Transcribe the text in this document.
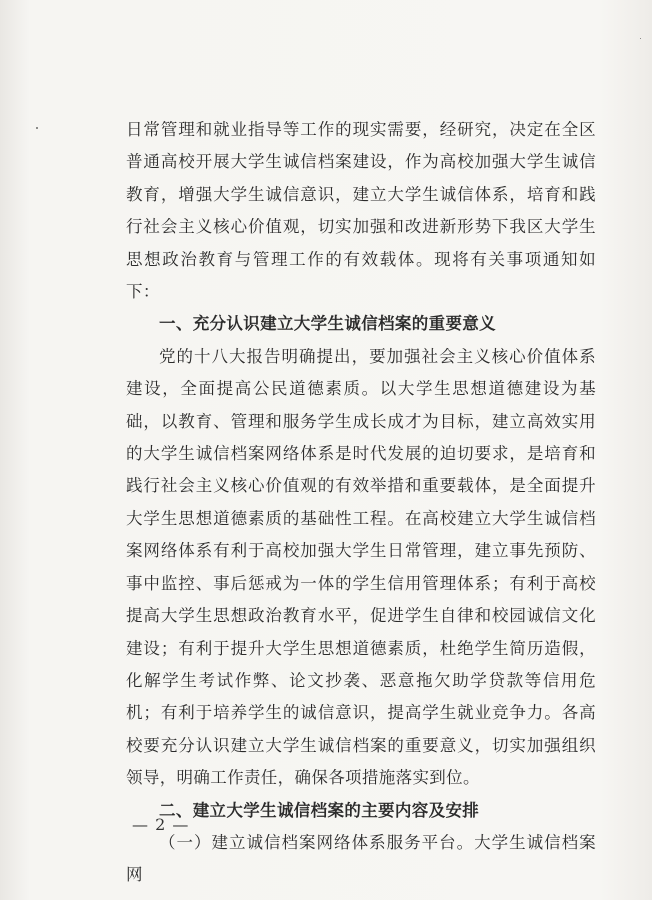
日常管理和就业指导等工作的现实需要，经研究，决定在全区普通高校开展大学生诚信档案建设，作为高校加强大学生诚信教育，增强大学生诚信意识，建立大学生诚信体系，培育和践行社会主义核心价值观，切实加强和改进新形势下我区大学生思想政治教育与管理工作的有效载体。现将有关事项通知如下：

一、充分认识建立大学生诚信档案的重要意义

党的十八大报告明确提出，要加强社会主义核心价值体系建设，全面提高公民道德素质。以大学生思想道德建设为基础，以教育、管理和服务学生成长成才为目标，建立高效实用的大学生诚信档案网络体系是时代发展的迫切要求，是培育和践行社会主义核心价值观的有效举措和重要载体，是全面提升大学生思想道德素质的基础性工程。在高校建立大学生诚信档案网络体系有利于高校加强大学生日常管理，建立事先预防、事中监控、事后惩戒为一体的学生信用管理体系；有利于高校提高大学生思想政治教育水平，促进学生自律和校园诚信文化建设；有利于提升大学生思想道德素质，杜绝学生简历造假，化解学生考试作弊、论文抄袭、恶意拖欠助学贷款等信用危机；有利于培养学生的诚信意识，提高学生就业竞争力。各高校要充分认识建立大学生诚信档案的重要意义，切实加强组织领导，明确工作责任，确保各项措施落实到位。

二、建立大学生诚信档案的主要内容及安排

（一）建立诚信档案网络体系服务平台。大学生诚信档案网

— 2 —
